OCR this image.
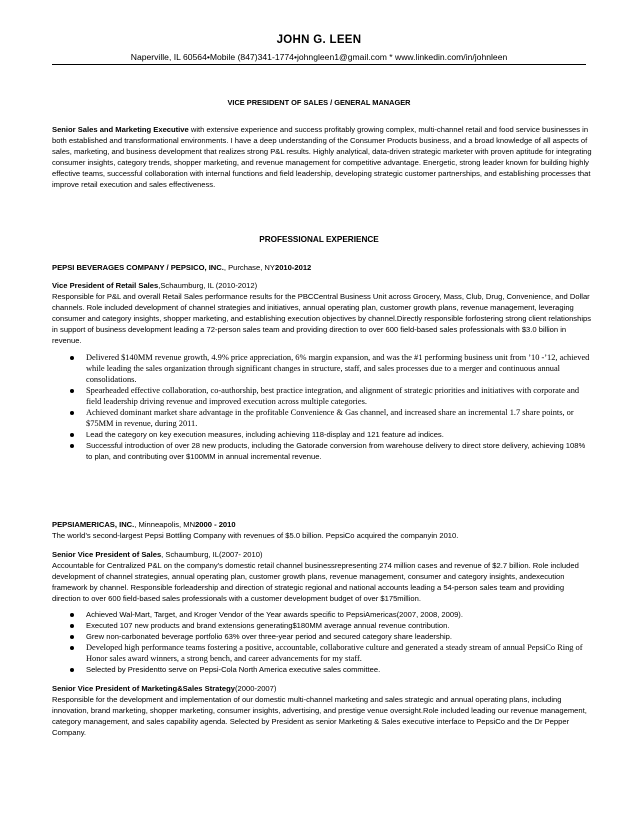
JOHN G. LEEN
Naperville, IL 60564•Mobile (847)341-1774•johngleen1@gmail.com * www.linkedin.com/in/johnleen
VICE PRESIDENT OF SALES / GENERAL MANAGER

Senior Sales and Marketing Executive with extensive experience and success profitably growing complex, multi-channel retail and food service businesses in both established and transformational environments. I have a deep understanding of the Consumer Products business, and a broad knowledge of all aspects of sales, marketing, and business development that realizes strong P&L results. Highly analytical, data-driven strategic marketer with proven aptitude for integrating consumer insights, category trends, shopper marketing, and revenue management for competitive advantage. Energetic, strong leader known for building highly effective teams, successful collaboration with internal functions and field leadership, developing strategic customer partnerships, and establishing processes that improve retail execution and sales effectiveness.

PROFESSIONAL EXPERIENCE

PEPSI BEVERAGES COMPANY / PEPSICO, INC., Purchase, NY2010-2012

Vice President of Retail Sales,Schaumburg, IL (2010-2012)

Responsible for P&L and overall Retail Sales performance results for the PBCCentral Business Unit across Grocery, Mass, Club, Drug, Convenience, and Dollar channels. Role included development of channel strategies and initiatives, annual operating plan, customer growth plans, revenue management, leveraging consumer and category insights, shopper marketing, and establishing execution objectives by channel.Directly responsible forfostering strong client relationships in support of business development leading a 72-person sales team and providing direction to over 600 field-based sales professionals with $3.0 billion in revenue.

Delivered $140MM revenue growth, 4.9% price appreciation, 6% margin expansion, and was the #1 performing business unit from ’10 -’12, achieved while leading the sales organization through significant changes in structure, staff, and sales processes due to a merger and continuous annual consolidations.
Spearheaded effective collaboration, co-authorship, best practice integration, and alignment of strategic priorities and initiatives with corporate and field leadership driving revenue and improved execution across multiple categories.
Achieved dominant market share advantage in the profitable Convenience & Gas channel, and increased share an incremental 1.7 share points, or $75MM in revenue, during 2011.
Lead the category on key execution measures, including achieving 118-display and 121 feature ad indices.
Successful introduction of over 28 new products, including the Gatorade conversion from warehouse delivery to direct store delivery, achieving 108% to plan, and contributing over $100MM in annual incremental revenue.

PEPSIAMERICAS, INC., Minneapolis, MN2000 - 2010

The world’s second-largest Pepsi Bottling Company with revenues of $5.0 billion. PepsiCo acquired the companyin 2010.

Senior Vice President of Sales, Schaumburg, IL(2007- 2010)

Accountable for Centralized P&L on the company’s domestic retail channel businessrepresenting 274 million cases and revenue of $2.7 billion. Role included development of channel strategies, annual operating plan, customer growth plans, revenue management, consumer and category insights, andexecution framework by channel. Responsible forleadership and direction of strategic regional and national accounts leading a 54-person sales team and providing direction to over 600 field-based sales professionals with a customer development budget of over $175million.

Achieved Wal-Mart, Target, and Kroger Vendor of the Year awards specific to PepsiAmericas(2007, 2008, 2009).
Executed 107 new products and brand extensions generating$180MM average annual revenue contribution.
Grew non-carbonated beverage portfolio 63% over three-year period and secured category share leadership.
Developed high performance teams fostering a positive, accountable, collaborative culture and generated a steady stream of annual PepsiCo Ring of Honor sales award winners, a strong bench, and career advancements for my staff.
Selected by Presidentto serve on Pepsi-Cola North America executive sales committee.

Senior Vice President of Marketing&Sales Strategy(2000-2007)

Responsible for the development and implementation of our domestic multi-channel marketing and sales strategic and annual operating plans, including innovation, brand marketing, shopper marketing, consumer insights, advertising, and prestige venue oversight.Role included leading our revenue management, category management, and sales capability agenda. Selected by President as senior Marketing & Sales executive interface to PepsiCo and the Dr Pepper Company.
